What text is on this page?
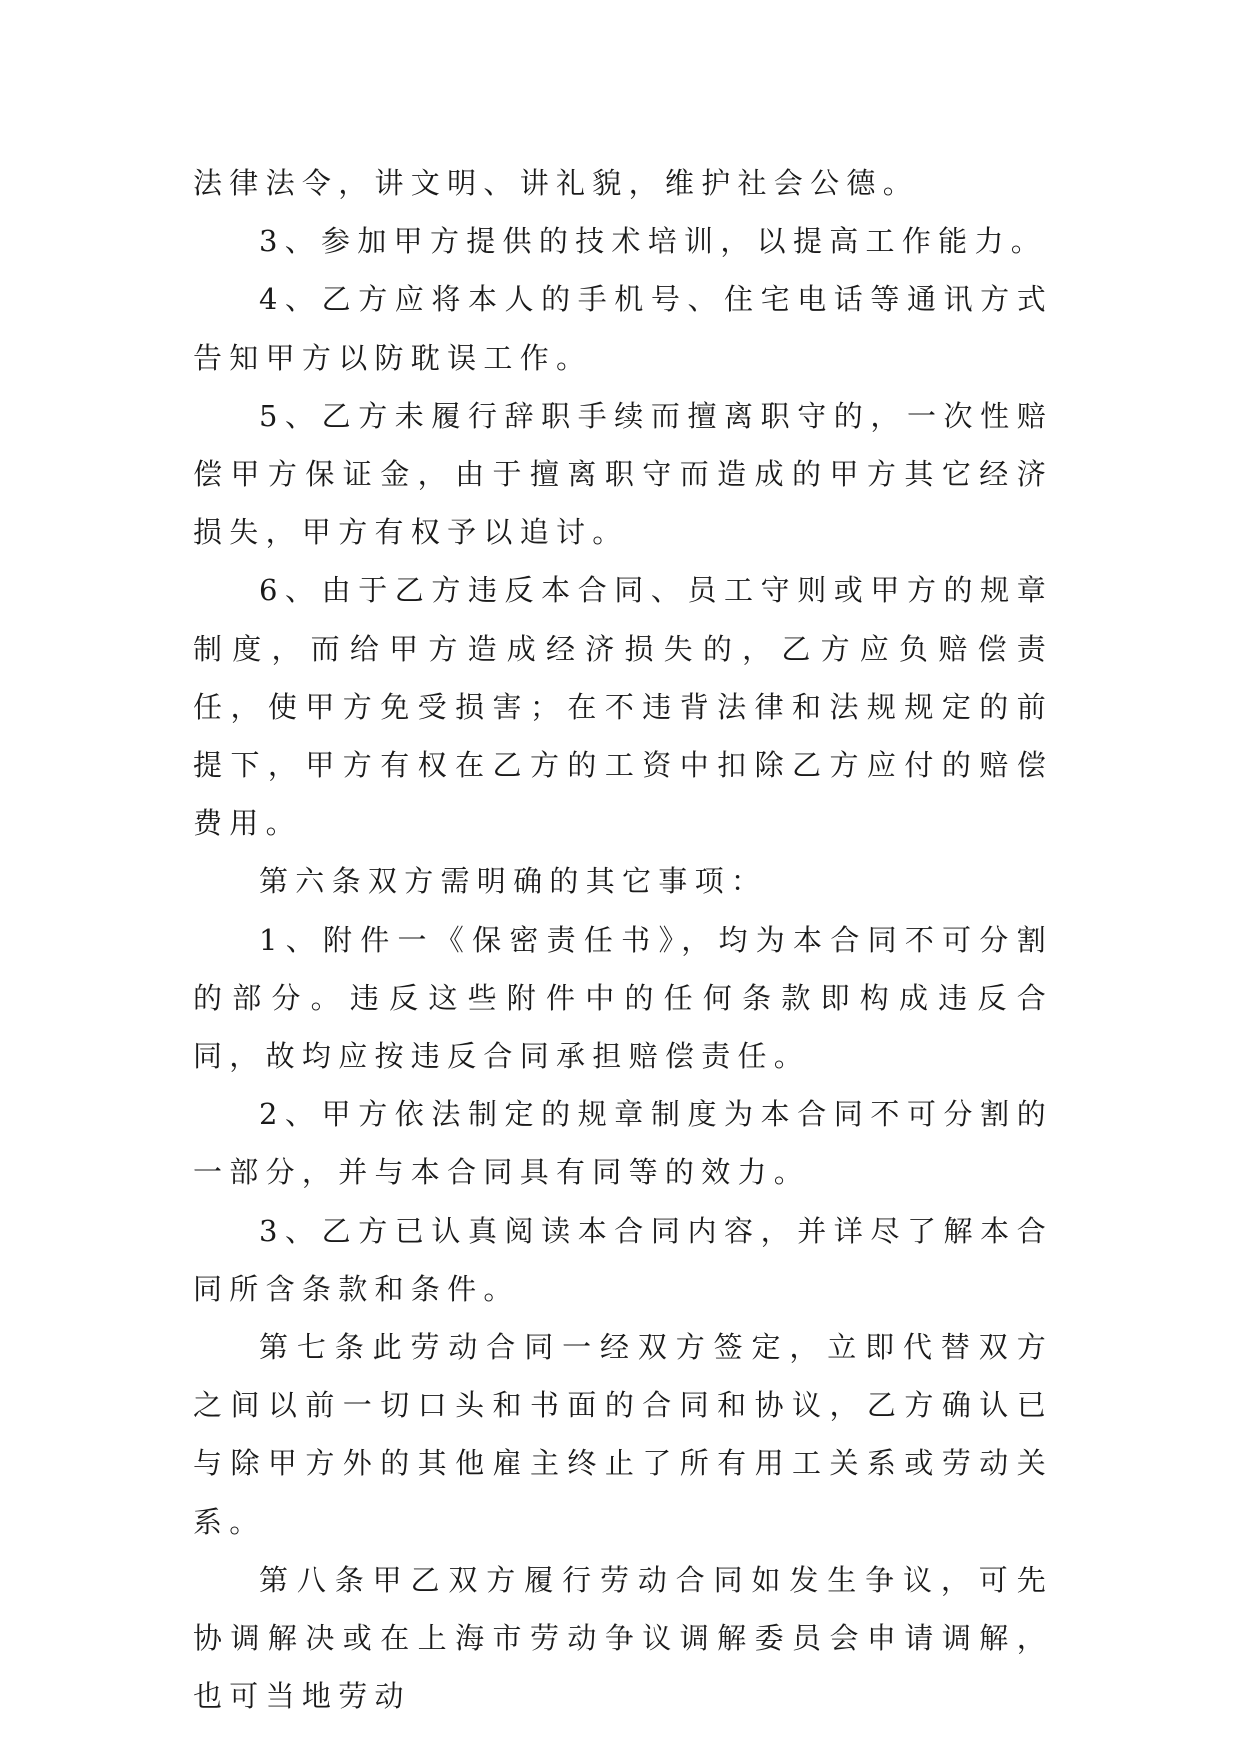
法律法令，讲文明、讲礼貌，维护社会公德。

3、参加甲方提供的技术培训，以提高工作能力。

4、乙方应将本人的手机号、住宅电话等通讯方式告知甲方以防耽误工作。

5、乙方未履行辞职手续而擅离职守的，一次性赔偿甲方保证金，由于擅离职守而造成的甲方其它经济损失，甲方有权予以追讨。

6、由于乙方违反本合同、员工守则或甲方的规章制度，而给甲方造成经济损失的，乙方应负赔偿责任，使甲方免受损害；在不违背法律和法规规定的前提下，甲方有权在乙方的工资中扣除乙方应付的赔偿费用。

第六条双方需明确的其它事项：

1、附件一《保密责任书》，均为本合同不可分割的部分。违反这些附件中的任何条款即构成违反合同，故均应按违反合同承担赔偿责任。

2、甲方依法制定的规章制度为本合同不可分割的一部分，并与本合同具有同等的效力。

3、乙方已认真阅读本合同内容，并详尽了解本合同所含条款和条件。

第七条此劳动合同一经双方签定，立即代替双方之间以前一切口头和书面的合同和协议，乙方确认已与除甲方外的其他雇主终止了所有用工关系或劳动关系。

第八条甲乙双方履行劳动合同如发生争议，可先协调解决或在上海市劳动争议调解委员会申请调解，也可当地劳动
